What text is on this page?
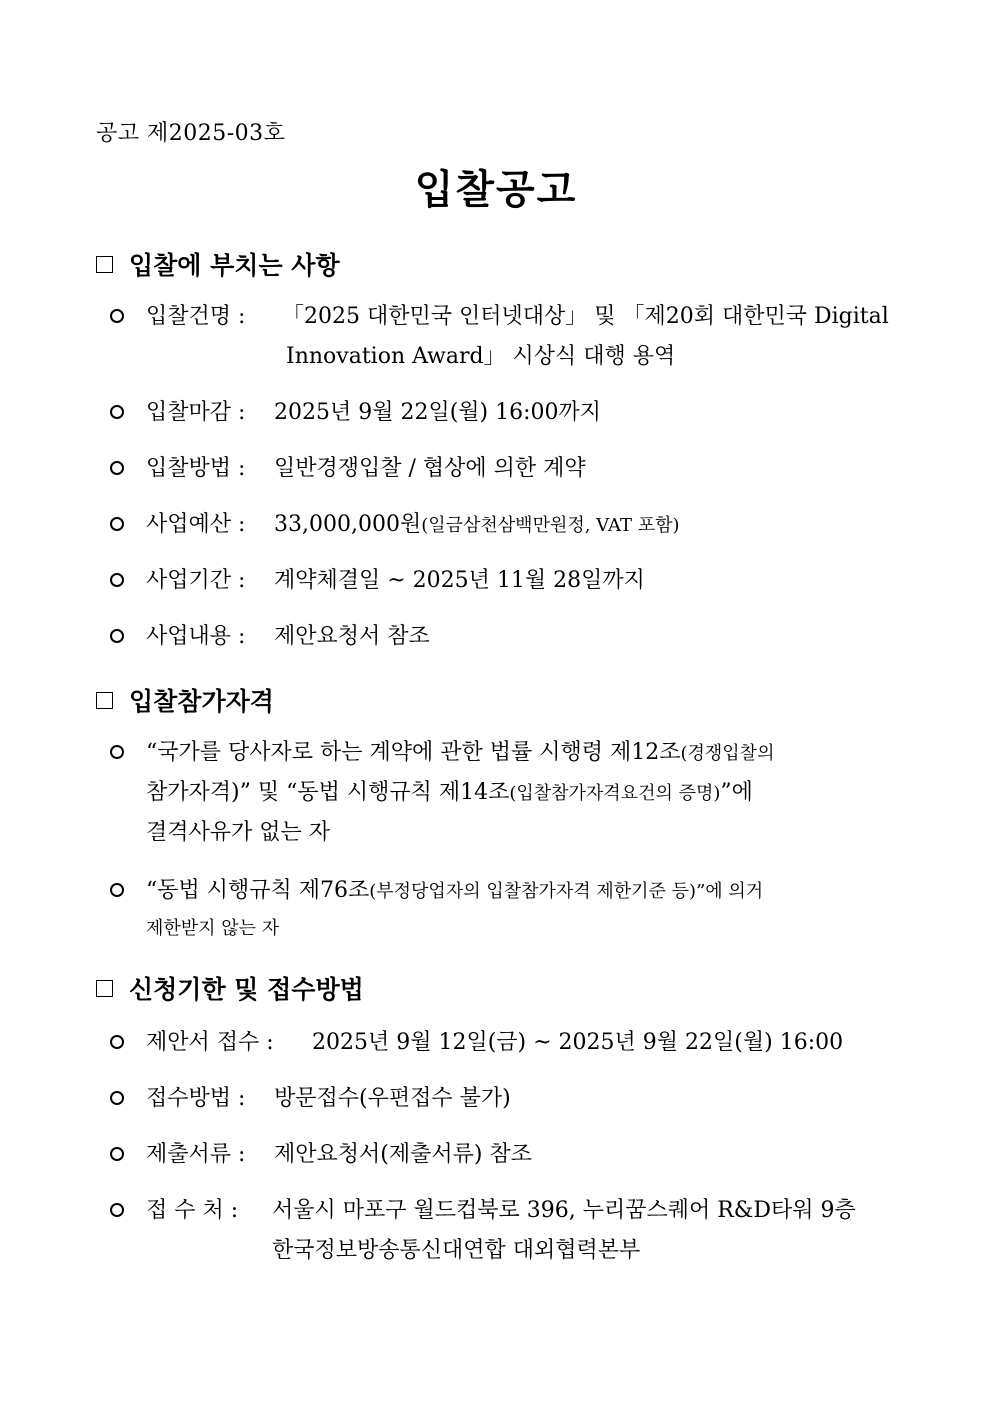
공고 제2025-03호
입찰공고
입찰에 부치는 사항
입찰건명 : 「2025 대한민국 인터넷대상」 및 「제20회 대한민국 Digital
Innovation Award」 시상식 대행 용역
입찰마감 : 2025년 9월 22일(월) 16:00까지
입찰방법 : 일반경쟁입찰 / 협상에 의한 계약
사업예산 : 33,000,000원(일금삼천삼백만원정, VAT 포함)
사업기간 : 계약체결일 ~ 2025년 11월 28일까지
사업내용 : 제안요청서 참조
입찰참가자격
“국가를 당사자로 하는 계약에 관한 법률 시행령 제12조(경쟁입찰의
참가자격)” 및 “동법 시행규칙 제14조(입찰참가자격요건의 증명)”에
결격사유가 없는 자
“동법 시행규칙 제76조(부정당업자의 입찰참가자격 제한기준 등)”에 의거
제한받지 않는 자
신청기한 및 접수방법
제안서 접수 : 2025년 9월 12일(금) ~ 2025년 9월 22일(월) 16:00
접수방법 : 방문접수(우편접수 불가)
제출서류 : 제안요청서(제출서류) 참조
접 수 처 : 서울시 마포구 월드컵북로 396, 누리꿈스퀘어 R&D타워 9층
한국정보방송통신대연합 대외협력본부
